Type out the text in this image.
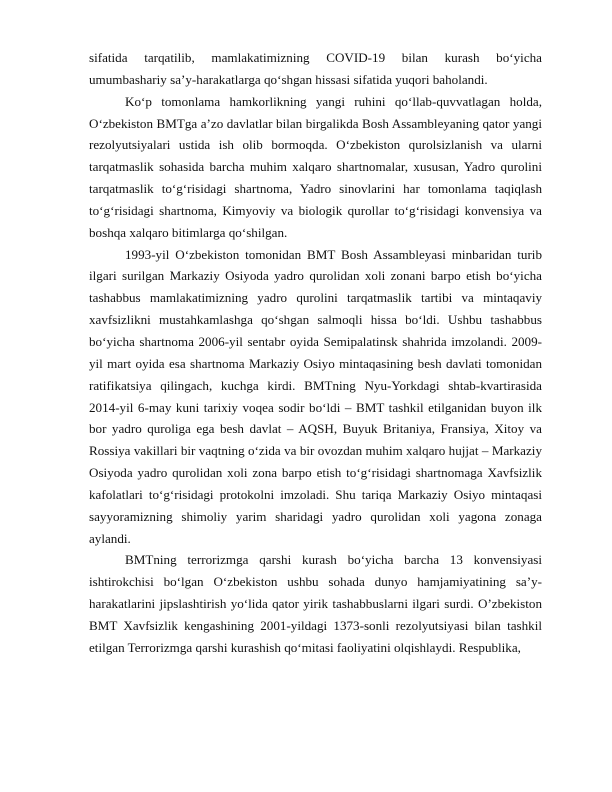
sifatida tarqatilib, mamlakatimizning COVID-19 bilan kurash bo‘yicha umumbashariy sa’y-harakatlarga qo‘shgan hissasi sifatida yuqori baholandi.

Ko‘p tomonlama hamkorlikning yangi ruhini qo‘llab-quvvatlagan holda, O‘zbekiston BMTga a’zo davlatlar bilan birgalikda Bosh Assambleyaning qator yangi rezolyutsiyalari ustida ish olib bormoqda. O‘zbekiston qurolsizlanish va ularni tarqatmaslik sohasida barcha muhim xalqaro shartnomalar, xususan, Yadro qurolini tarqatmaslik to‘g‘risidagi shartnoma, Yadro sinovlarini har tomonlama taqiqlash to‘g‘risidagi shartnoma, Kimyoviy va biologik qurollar to‘g‘risidagi konvensiya va boshqa xalqaro bitimlarga qo‘shilgan.

1993-yil O‘zbekiston tomonidan BMT Bosh Assambleyasi minbaridan turib ilgari surilgan Markaziy Osiyoda yadro qurolidan xoli zonani barpo etish bo‘yicha tashabbus mamlakatimizning yadro qurolini tarqatmaslik tartibi va mintaqaviy xavfsizlikni mustahkamlashga qo‘shgan salmoqli hissa bo‘ldi. Ushbu tashabbus bo‘yicha shartnoma 2006-yil sentabr oyida Semipalatinsk shahrida imzolandi. 2009-yil mart oyida esa shartnoma Markaziy Osiyo mintaqasining besh davlati tomonidan ratifikatsiya qilingach, kuchga kirdi. BMTning Nyu-Yorkdagi shtab-kvartirasida 2014-yil 6-may kuni tarixiy voqea sodir bo‘ldi – BMT tashkil etilganidan buyon ilk bor yadro quroliga ega besh davlat – AQSH, Buyuk Britaniya, Fransiya, Xitoy va Rossiya vakillari bir vaqtning o‘zida va bir ovozdan muhim xalqaro hujjat – Markaziy Osiyoda yadro qurolidan xoli zona barpo etish to‘g‘risidagi shartnomaga Xavfsizlik kafolatlari to‘g‘risidagi protokolni imzoladi. Shu tariqa Markaziy Osiyo mintaqasi sayyoramizning shimoliy yarim sharidagi yadro qurolidan xoli yagona zonaga aylandi.

BMTning terrorizmga qarshi kurash bo‘yicha barcha 13 konvensiyasi ishtirokchisi bo‘lgan O‘zbekiston ushbu sohada dunyo hamjamiyatining sa’y-harakatlarini jipslashtirish yo‘lida qator yirik tashabbuslarni ilgari surdi. O’zbekiston BMT Xavfsizlik kengashining 2001-yildagi 1373-sonli rezolyutsiyasi bilan tashkil etilgan Terrorizmga qarshi kurashish qo‘mitasi faoliyatini olqishlaydi. Respublika,
